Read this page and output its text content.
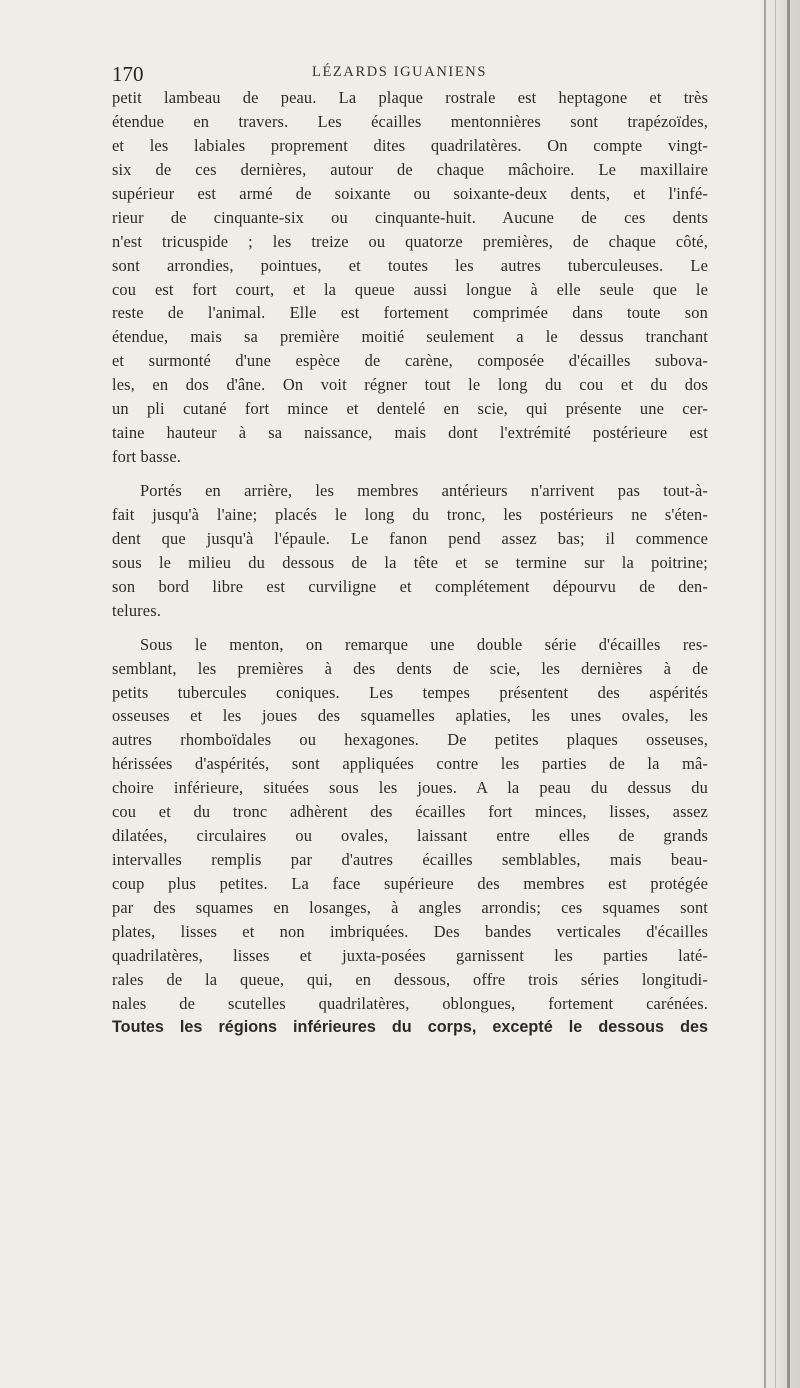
170	LÉZARDS IGUANIENS
petit lambeau de peau. La plaque rostrale est heptagone et très
étendue en travers. Les écailles mentonnières sont trapézoïdes,
et les labiales proprement dites quadrilatères. On compte vingt-
six de ces dernières, autour de chaque mâchoire. Le maxillaire
supérieur est armé de soixante ou soixante-deux dents, et l'infé-
rieur de cinquante-six ou cinquante-huit. Aucune de ces dents
n'est tricuspide ; les treize ou quatorze premières, de chaque côté,
sont arrondies, pointues, et toutes les autres tuberculeuses. Le
cou est fort court, et la queue aussi longue à elle seule que le
reste de l'animal. Elle est fortement comprimée dans toute son
étendue, mais sa première moitié seulement a le dessus tranchant
et surmonté d'une espèce de carène, composée d'écailles subova-
les, en dos d'âne. On voit régner tout le long du cou et du dos
un pli cutané fort mince et dentelé en scie, qui présente une cer-
taine hauteur à sa naissance, mais dont l'extrémité postérieure est
fort basse.
Portés en arrière, les membres antérieurs n'arrivent pas tout-à-
fait jusqu'à l'aine; placés le long du tronc, les postérieurs ne s'éten-
dent que jusqu'à l'épaule. Le fanon pend assez bas; il commence
sous le milieu du dessous de la tête et se termine sur la poitrine;
son bord libre est curviligne et complétement dépourvu de den-
telures.
Sous le menton, on remarque une double série d'écailles res-
semblant, les premières à des dents de scie, les dernières à de
petits tubercules coniques. Les tempes présentent des aspérités
osseuses et les joues des squamelles aplaties, les unes ovales, les
autres rhomboïdales ou hexagones. De petites plaques osseuses,
hérissées d'aspérités, sont appliquées contre les parties de la mâ-
choire inférieure, situées sous les joues. A la peau du dessus du
cou et du tronc adhèrent des écailles fort minces, lisses, assez
dilatées, circulaires ou ovales, laissant entre elles de grands
intervalles remplis par d'autres écailles semblables, mais beau-
coup plus petites. La face supérieure des membres est protégée
par des squames en losanges, à angles arrondis; ces squames sont
plates, lisses et non imbriquées. Des bandes verticales d'écailles
quadrilatères, lisses et juxta-posées garnissent les parties laté-
rales de la queue, qui, en dessous, offre trois séries longitudi-
nales de scutelles quadrilatères, oblongues, fortement carénées.
Toutes les régions inférieures du corps, excepté le dessous des
